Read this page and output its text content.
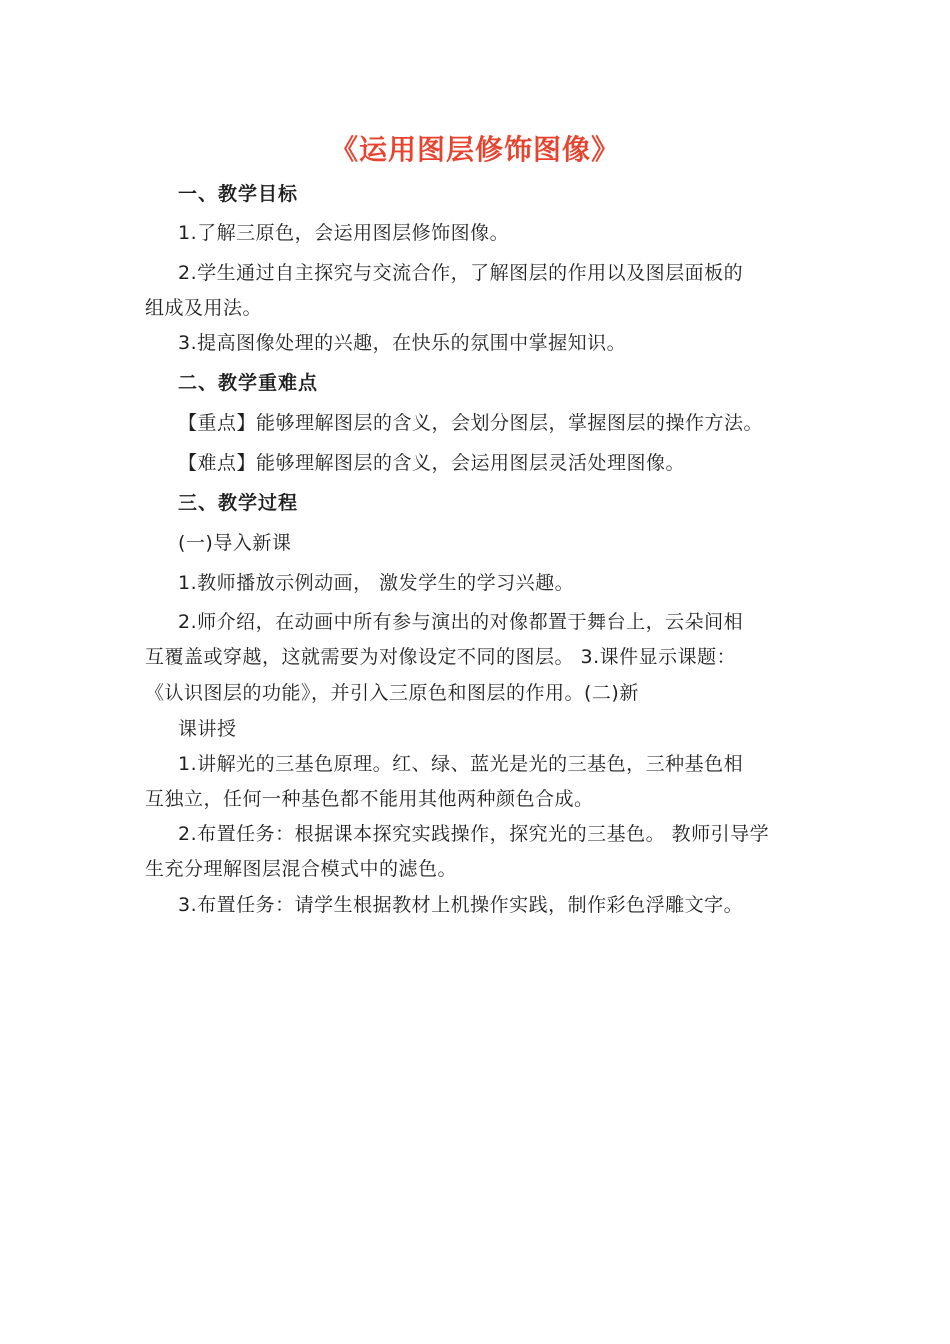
《运用图层修饰图像》
一、教学目标
1.了解三原色，会运用图层修饰图像。
2.学生通过自主探究与交流合作，了解图层的作用以及图层面板的
组成及用法。
3.提高图像处理的兴趣，在快乐的氛围中掌握知识。
二、教学重难点
【重点】能够理解图层的含义，会划分图层，掌握图层的操作方法。
【难点】能够理解图层的含义，会运用图层灵活处理图像。
三、教学过程
(一)导入新课
1.教师播放示例动画， 激发学生的学习兴趣。
2.师介绍，在动画中所有参与演出的对像都置于舞台上，云朵间相
互覆盖或穿越，这就需要为对像设定不同的图层。 3.课件显示课题：
《认识图层的功能》，并引入三原色和图层的作用。(二)新
课讲授
1.讲解光的三基色原理。红、绿、蓝光是光的三基色，三种基色相
互独立，任何一种基色都不能用其他两种颜色合成。
2.布置任务：根据课本探究实践操作，探究光的三基色。 教师引导学
生充分理解图层混合模式中的滤色。
3.布置任务：请学生根据教材上机操作实践，制作彩色浮雕文字。
